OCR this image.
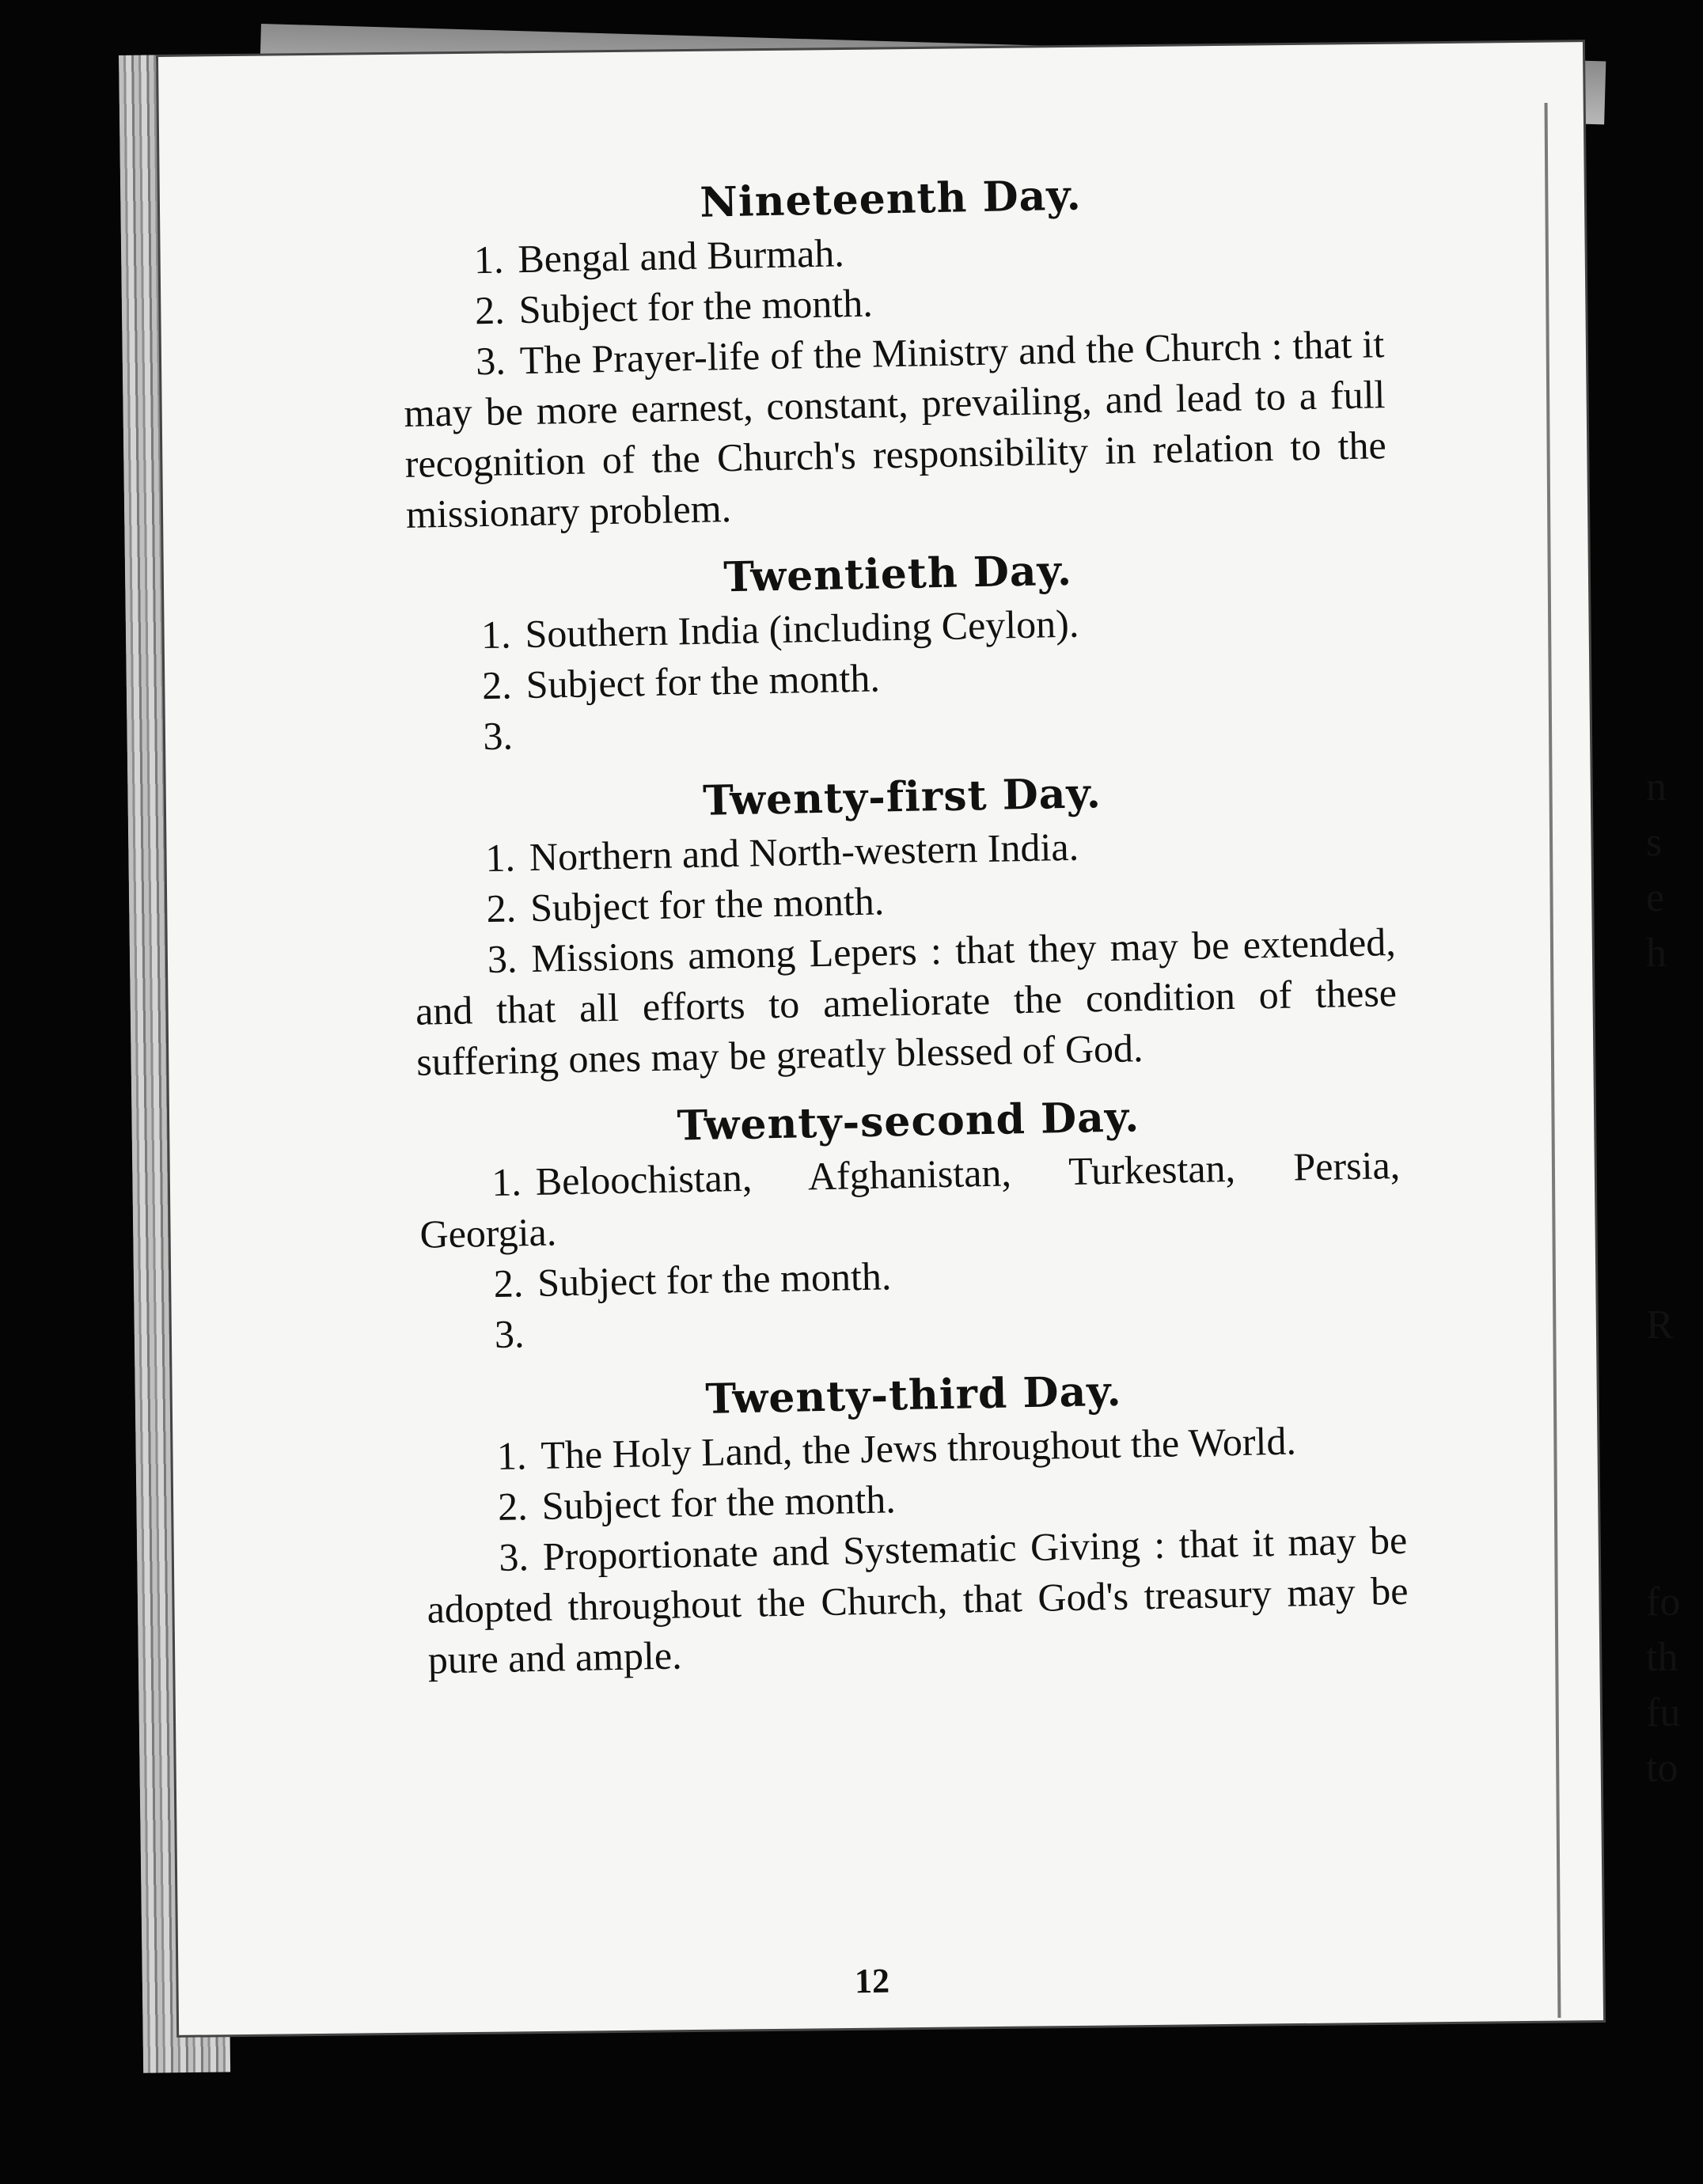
n
s
e
h
R
fo
th
fu
to
Nineteenth Day.

1. Bengal and Burmah.

2. Subject for the month.

3. The Prayer-life of the Ministry and the Church : that it may be more earnest, constant, prevailing, and lead to a full recognition of the Church's responsibility in relation to the missionary problem.

Twentieth Day.

1. Southern India (including Ceylon).

2. Subject for the month.

3.

Twenty-first Day.

1. Northern and North-western India.

2. Subject for the month.

3. Missions among Lepers : that they may be extended, and that all efforts to ameliorate the condition of these suffering ones may be greatly blessed of God.

Twenty-second Day.

1. Beloochistan, Afghanistan, Turkestan, Persia, Georgia.

2. Subject for the month.

3.

Twenty-third Day.

1. The Holy Land, the Jews throughout the World.

2. Subject for the month.

3. Proportionate and Systematic Giving : that it may be adopted throughout the Church, that God's treasury may be pure and ample.

12
